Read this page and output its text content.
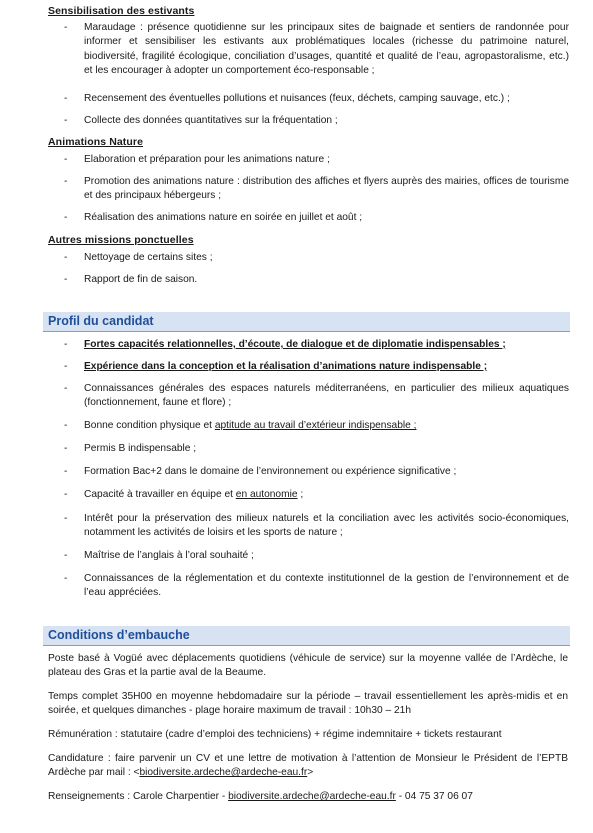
Sensibilisation des estivants
- Maraudage : présence quotidienne sur les principaux sites de baignade et sentiers de randonnée pour informer et sensibiliser les estivants aux problématiques locales (richesse du patrimoine naturel, biodiversité, fragilité écologique, conciliation d’usages, quantité et qualité de l’eau, agropastoralisme, etc.) et les encourager à adopter un comportement éco-responsable ;
- Recensement des éventuelles pollutions et nuisances (feux, déchets, camping sauvage, etc.) ;
- Collecte des données quantitatives sur la fréquentation ;
Animations Nature
- Elaboration et préparation pour les animations nature ;
- Promotion des animations nature : distribution des affiches et flyers auprès des mairies, offices de tourisme et des principaux hébergeurs ;
- Réalisation des animations nature en soirée en juillet et août ;
Autres missions ponctuelles
- Nettoyage de certains sites ;
- Rapport de fin de saison.
Profil du candidat
- Fortes capacités relationnelles, d’écoute, de dialogue et de diplomatie indispensables ;
- Expérience dans la conception et la réalisation d’animations nature indispensable ;
- Connaissances générales des espaces naturels méditerranéens, en particulier des milieux aquatiques (fonctionnement, faune et flore) ;
- Bonne condition physique et aptitude au travail d’extérieur indispensable ;
- Permis B indispensable ;
- Formation Bac+2 dans le domaine de l’environnement ou expérience significative ;
- Capacité à travailler en équipe et en autonomie ;
- Intérêt pour la préservation des milieux naturels et la conciliation avec les activités socio-économiques, notamment les activités de loisirs et les sports de nature ;
- Maîtrise de l’anglais à l’oral souhaité ;
- Connaissances de la réglementation et du contexte institutionnel de la gestion de l’environnement et de l’eau appréciées.
Conditions d’embauche
Poste basé à Vogüé avec déplacements quotidiens (véhicule de service) sur la moyenne vallée de l’Ardèche, le plateau des Gras et la partie aval de la Beaume.
Temps complet 35H00 en moyenne hebdomadaire sur la période – travail essentiellement les après-midis et en soirée, et quelques dimanches - plage horaire maximum de travail : 10h30 – 21h
Rémunération : statutaire (cadre d’emploi des techniciens) + régime indemnitaire + tickets restaurant
Candidature : faire parvenir un CV et une lettre de motivation à l’attention de Monsieur le Président de l’EPTB Ardèche par mail : <biodiversite.ardeche@ardeche-eau.fr>
Renseignements : Carole Charpentier - biodiversite.ardeche@ardeche-eau.fr - 04 75 37 06 07
